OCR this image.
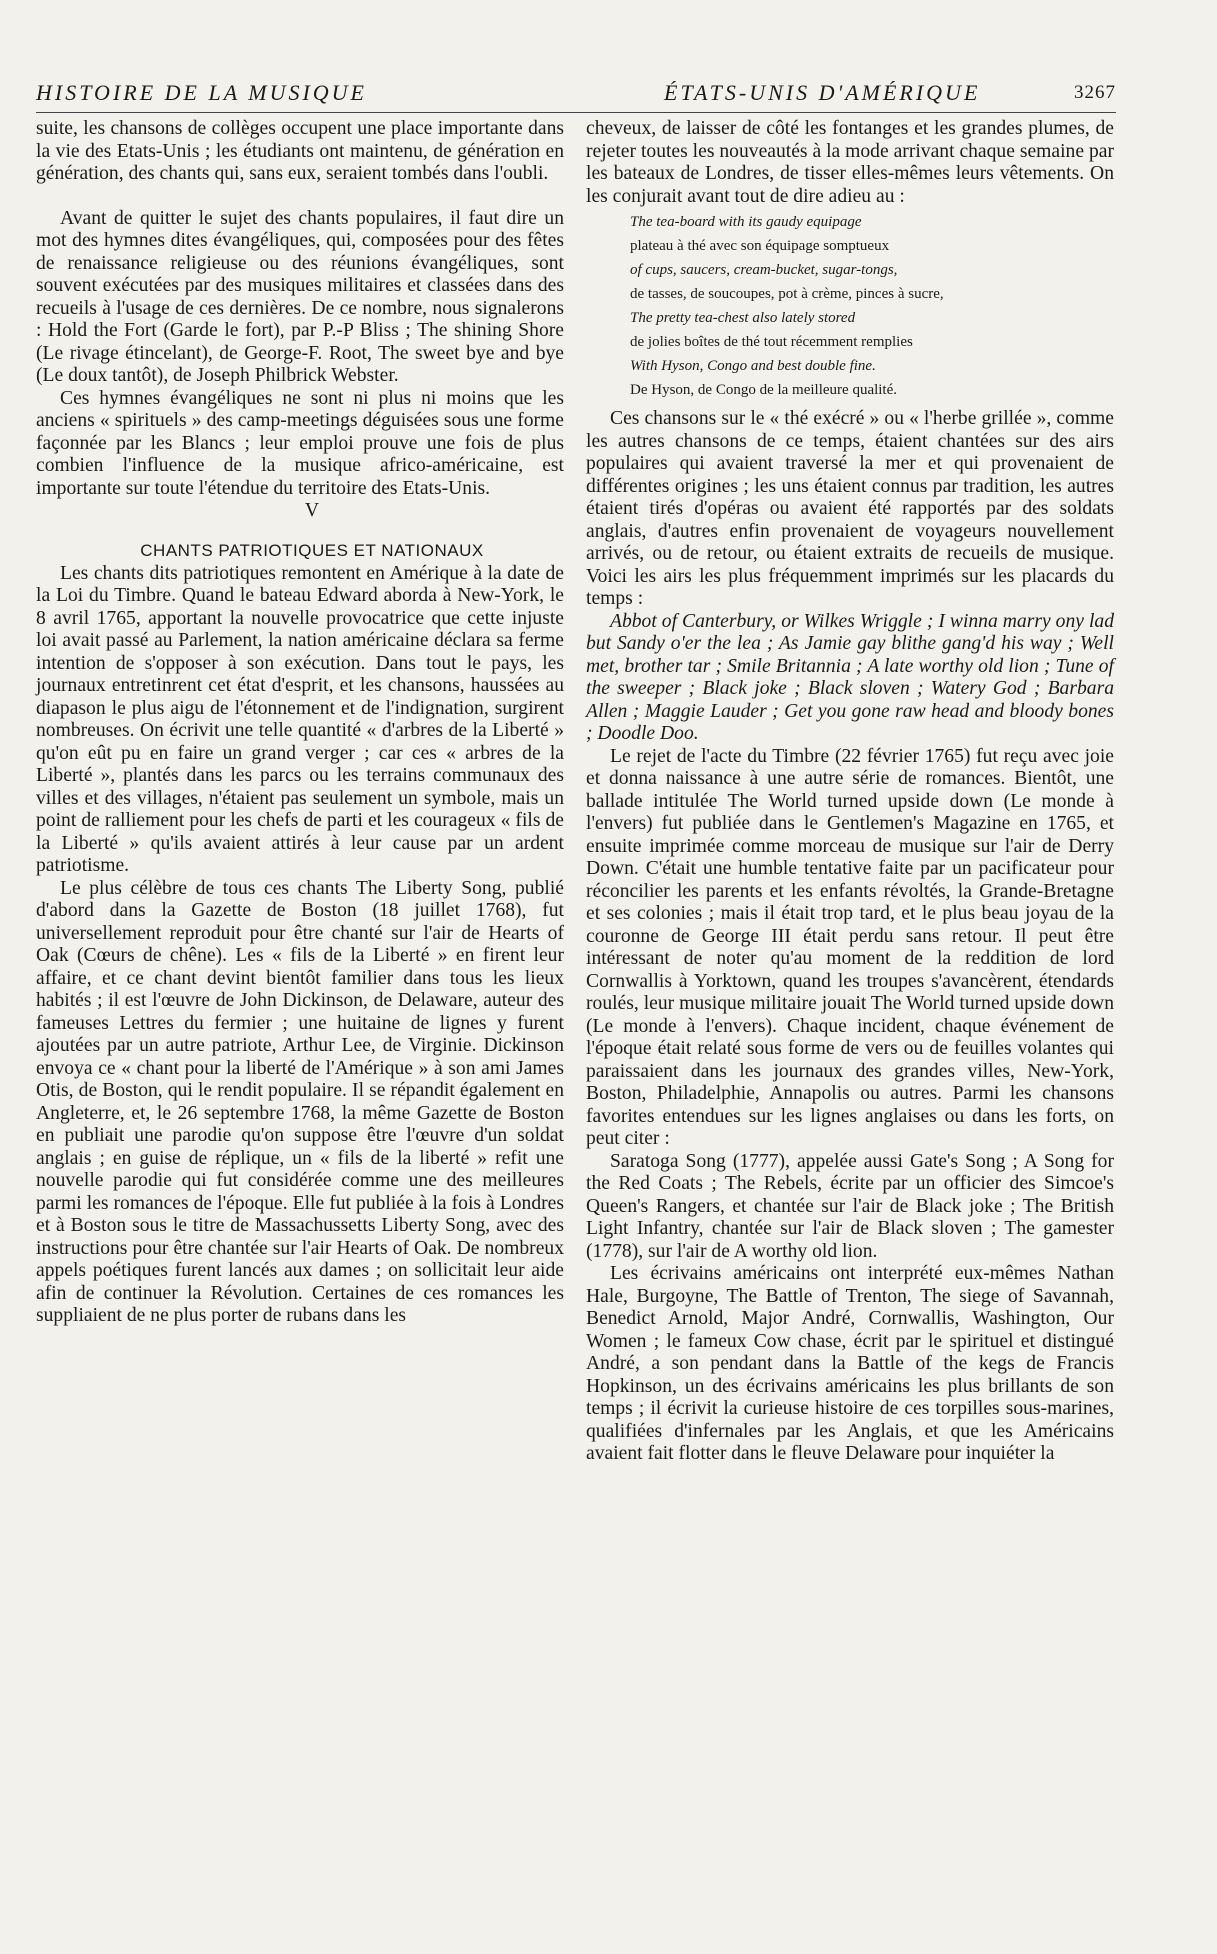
HISTOIRE DE LA MUSIQUE	ÉTATS-UNIS D'AMÉRIQUE	3267

suite, les chansons de collèges occupent une place importante dans la vie des Etats-Unis ; les étudiants ont maintenu, de génération en génération, des chants qui, sans eux, seraient tombés dans l'oubli.

Avant de quitter le sujet des chants populaires, il faut dire un mot des hymnes dites évangéliques, qui, composées pour des fêtes de renaissance religieuse ou des réunions évangéliques, sont souvent exécutées par des musiques militaires et classées dans des recueils à l'usage de ces dernières. De ce nombre, nous signalerons : Hold the Fort (Garde le fort), par P.-P Bliss ; The shining Shore (Le rivage étincelant), de George-F. Root, The sweet bye and bye (Le doux tantôt), de Joseph Philbrick Webster.

Ces hymnes évangéliques ne sont ni plus ni moins que les anciens « spirituels » des camp-meetings déguisées sous une forme façonnée par les Blancs ; leur emploi prouve une fois de plus combien l'influence de la musique africo-américaine, est importante sur toute l'étendue du territoire des Etats-Unis.

V

CHANTS PATRIOTIQUES ET NATIONAUX

Les chants dits patriotiques remontent en Amérique à la date de la Loi du Timbre. Quand le bateau Edward aborda à New-York, le 8 avril 1765, apportant la nouvelle provocatrice que cette injuste loi avait passé au Parlement, la nation américaine déclara sa ferme intention de s'opposer à son exécution. Dans tout le pays, les journaux entretinrent cet état d'esprit, et les chansons, haussées au diapason le plus aigu de l'étonnement et de l'indignation, surgirent nombreuses. On écrivit une telle quantité « d'arbres de la Liberté » qu'on eût pu en faire un grand verger ; car ces « arbres de la Liberté », plantés dans les parcs ou les terrains communaux des villes et des villages, n'étaient pas seulement un symbole, mais un point de ralliement pour les chefs de parti et les courageux « fils de la Liberté » qu'ils avaient attirés à leur cause par un ardent patriotisme.

Le plus célèbre de tous ces chants The Liberty Song, publié d'abord dans la Gazette de Boston (18 juillet 1768), fut universellement reproduit pour être chanté sur l'air de Hearts of Oak (Cœurs de chêne). Les « fils de la Liberté » en firent leur affaire, et ce chant devint bientôt familier dans tous les lieux habités ; il est l'œuvre de John Dickinson, de Delaware, auteur des fameuses Lettres du fermier ; une huitaine de lignes y furent ajoutées par un autre patriote, Arthur Lee, de Virginie. Dickinson envoya ce « chant pour la liberté de l'Amérique » à son ami James Otis, de Boston, qui le rendit populaire. Il se répandit également en Angleterre, et, le 26 septembre 1768, la même Gazette de Boston en publiait une parodie qu'on suppose être l'œuvre d'un soldat anglais ; en guise de réplique, un « fils de la liberté » refit une nouvelle parodie qui fut considérée comme une des meilleures parmi les romances de l'époque. Elle fut publiée à la fois à Londres et à Boston sous le titre de Massachussetts Liberty Song, avec des instructions pour être chantée sur l'air Hearts of Oak. De nombreux appels poétiques furent lancés aux dames ; on sollicitait leur aide afin de continuer la Révolution. Certaines de ces romances les suppliaient de ne plus porter de rubans dans les

cheveux, de laisser de côté les fontanges et les grandes plumes, de rejeter toutes les nouveautés à la mode arrivant chaque semaine par les bateaux de Londres, de tisser elles-mêmes leurs vêtements. On les conjurait avant tout de dire adieu au :

The tea-board with its gaudy equipage
plateau à thé avec son équipage somptueux
of cups, saucers, cream-bucket, sugar-tongs,
de tasses, de soucoupes, pot à crème, pinces à sucre,
The pretty tea-chest also lately stored
de jolies boîtes de thé tout récemment remplies
With Hyson, Congo and best double fine.
De Hyson, de Congo de la meilleure qualité.

Ces chansons sur le « thé exécré » ou « l'herbe grillée », comme les autres chansons de ce temps, étaient chantées sur des airs populaires qui avaient traversé la mer et qui provenaient de différentes origines ; les uns étaient connus par tradition, les autres étaient tirés d'opéras ou avaient été rapportés par des soldats anglais, d'autres enfin provenaient de voyageurs nouvellement arrivés, ou de retour, ou étaient extraits de recueils de musique. Voici les airs les plus fréquemment imprimés sur les placards du temps :

Abbot of Canterbury, or Wilkes Wriggle ; I winna marry ony lad but Sandy o'er the lea ; As Jamie gay blithe gang'd his way ; Well met, brother tar ; Smile Britannia ; A late worthy old lion ; Tune of the sweeper ; Black joke ; Black sloven ; Watery God ; Barbara Allen ; Maggie Lauder ; Get you gone raw head and bloody bones ; Doodle Doo.

Le rejet de l'acte du Timbre (22 février 1765) fut reçu avec joie et donna naissance à une autre série de romances. Bientôt, une ballade intitulée The World turned upside down (Le monde à l'envers) fut publiée dans le Gentlemen's Magazine en 1765, et ensuite imprimée comme morceau de musique sur l'air de Derry Down. C'était une humble tentative faite par un pacificateur pour réconcilier les parents et les enfants révoltés, la Grande-Bretagne et ses colonies ; mais il était trop tard, et le plus beau joyau de la couronne de George III était perdu sans retour. Il peut être intéressant de noter qu'au moment de la reddition de lord Cornwallis à Yorktown, quand les troupes s'avancèrent, étendards roulés, leur musique militaire jouait The World turned upside down (Le monde à l'envers). Chaque incident, chaque événement de l'époque était relaté sous forme de vers ou de feuilles volantes qui paraissaient dans les journaux des grandes villes, New-York, Boston, Philadelphie, Annapolis ou autres. Parmi les chansons favorites entendues sur les lignes anglaises ou dans les forts, on peut citer :

Saratoga Song (1777), appelée aussi Gate's Song ; A Song for the Red Coats ; The Rebels, écrite par un officier des Simcoe's Queen's Rangers, et chantée sur l'air de Black joke ; The British Light Infantry, chantée sur l'air de Black sloven ; The gamester (1778), sur l'air de A worthy old lion.

Les écrivains américains ont interprété eux-mêmes Nathan Hale, Burgoyne, The Battle of Trenton, The siege of Savannah, Benedict Arnold, Major André, Cornwallis, Washington, Our Women ; le fameux Cow chase, écrit par le spirituel et distingué André, a son pendant dans la Battle of the kegs de Francis Hopkinson, un des écrivains américains les plus brillants de son temps ; il écrivit la curieuse histoire de ces torpilles sous-marines, qualifiées d'infernales par les Anglais, et que les Américains avaient fait flotter dans le fleuve Delaware pour inquiéter la
